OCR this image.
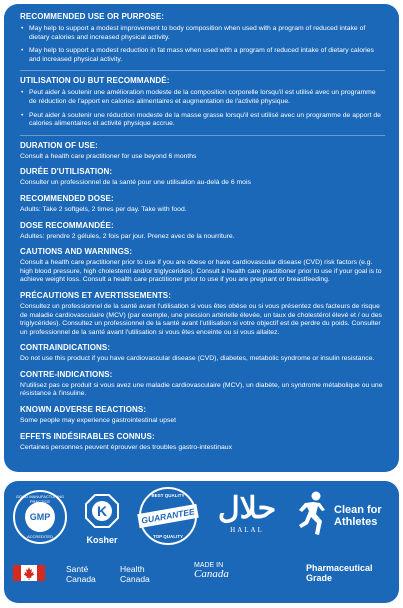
RECOMMENDED USE OR PURPOSE:
• May help to support a modest improvement to body composition when used with a program of reduced intake of dietary calories and increased physical activity.
• May help to support a modest reduction in fat mass when used with a program of reduced intake of dietary calories and increased physical activity.
UTILISATION OU BUT RECOMMANDÉ:
• Peut aider à soutenir une amélioration modeste de la composition corporelle lorsqu'il est utilisé avec un programme de réduction de l'apport en calories alimentaires et augmentation de l'activité physique.
• Peut aider à soutenir une réduction modeste de la masse grasse lorsqu'il est utilisé avec un programme de apport de calories alimentaires et activité physique accrue.
DURATION OF USE:

Consult a health care practitioner for use beyond 6 months

DURÉE D'UTILISATION:

Consulter un professionnel de la santé pour une utilisation au-delà de 6 mois

RECOMMENDED DOSE:

Adults: Take 2 softgels, 2 times per day. Take with food.

DOSE RECOMMANDÉE:

Adultes: prendre 2 gélules, 2 fois par jour. Prenez avec de la nourriture.

CAUTIONS AND WARNINGS:

Consult a health care practitioner prior to use if you are obese or have cardiovascular disease (CVD) risk factors (e.g. high blood pressure, high cholesterol and/or triglycerides). Consult a health care practitioner prior to use if your goal is to achieve weight loss. Consult a health care practitioner prior to use if you are pregnant or breastfeeding.

PRÉCAUTIONS ET AVERTISSEMENTS:

Consultez un professionnel de la santé avant l'utilisation si vous êtes obèse ou si vous présentez des facteurs de risque de maladie cardiovasculaire (MCV) (par exemple, une pression artérielle élevée, un taux de cholestérol élevé et / ou des triglycérides). Consultez un professionnel de la santé avant l'utilisation si votre objectif est de perdre du poids. Consulter un professionnel de la santé avant l'utilisation si vous êtes enceinte ou si vous allaitez.

CONTRAINDICATIONS:

Do not use this product if you have cardiovascular disease (CVD), diabetes, metabolic syndrome or insulin resistance.

CONTRE-INDICATIONS:

N'utilisez pas ce produit si vous avez une maladie cardiovasculaire (MCV), un diabète, un syndrome métabolique ou une résistance à l'insuline.

KNOWN ADVERSE REACTIONS:

Some people may experience gastrointestinal upset

EFFETS INDÉSIRABLES CONNUS:

Certaines personnes peuvent éprouver des troubles gastro-intestinaux

GOOD MANUFACTURING PRACTICE
GMP
ACCREDITED
K
Kosher
BEST QUALITY
GUARANTEE
TOP QUALITY
حلال
HALAL
Clean for
Athletes
Santé
Canada
Health
Canada
MADE IN
Canada	Pharmaceutical
Grade
